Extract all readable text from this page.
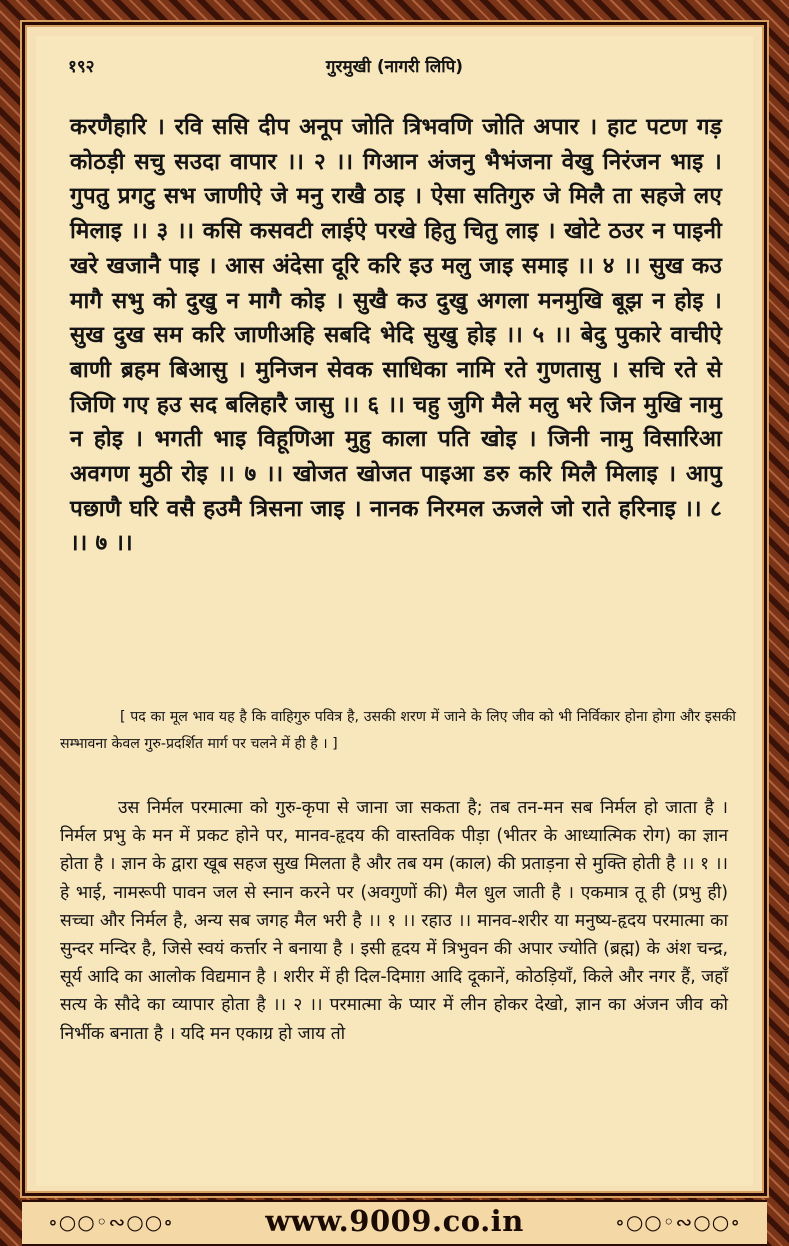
१९२	गुरमुखी (नागरी लिपि)
करणैहारि । रवि ससि दीप अनूप जोति त्रिभवणि जोति अपार । हाट पटण गड़ कोठड़ी सचु सउदा वापार ।। २ ।। गिआन अंजनु भैभंजना वेखु निरंजन भाइ । गुपतु प्रगटु सभ जाणीऐ जे मनु राखै ठाइ । ऐसा सतिगुरु जे मिलै ता सहजे लए मिलाइ ।। ३ ।। कसि कसवटी लाईऐ परखे हितु चितु लाइ । खोटे ठउर न पाइनी खरे खजानै पाइ । आस अंदेसा दूरि करि इउ मलु जाइ समाइ ।। ४ ।। सुख कउ मागै सभु को दुखु न मागै कोइ । सुखै कउ दुखु अगला मनमुखि बूझ न होइ । सुख दुख सम करि जाणीअहि सबदि भेदि सुखु होइ ।। ५ ।। बेदु पुकारे वाचीऐ बाणी ब्रहम बिआसु । मुनिजन सेवक साधिका नामि रते गुणतासु । सचि रते से जिणि गए हउ सद बलिहारै जासु ।। ६ ।। चहु जुगि मैले मलु भरे जिन मुखि नामु न होइ । भगती भाइ विहूणिआ मुहु काला पति खोइ । जिनी नामु विसारिआ अवगण मुठी रोइ ।। ७ ।। खोजत खोजत पाइआ डरु करि मिलै मिलाइ । आपु पछाणै घरि वसै हउमै त्रिसना जाइ । नानक निरमल ऊजले जो राते हरिनाइ ।। ८ ।। ७ ।।
[ पद का मूल भाव यह है कि वाहिगुरु पवित्र है, उसकी शरण में जाने के लिए जीव को भी निर्विकार होना होगा और इसकी सम्भावना केवल गुरु-प्रदर्शित मार्ग पर चलने में ही है । ]
उस निर्मल परमात्मा को गुरु-कृपा से जाना जा सकता है; तब तन-मन सब निर्मल हो जाता है । निर्मल प्रभु के मन में प्रकट होने पर, मानव-हृदय की वास्तविक पीड़ा (भीतर के आध्यात्मिक रोग) का ज्ञान होता है । ज्ञान के द्वारा खूब सहज सुख मिलता है और तब यम (काल) की प्रताड़ना से मुक्ति होती है ।। १ ।। हे भाई, नामरूपी पावन जल से स्नान करने पर (अवगुणों की) मैल धुल जाती है । एकमात्र तू ही (प्रभु ही) सच्चा और निर्मल है, अन्य सब जगह मैल भरी है ।। १ ।। रहाउ ।। मानव-शरीर या मनुष्य-हृदय परमात्मा का सुन्दर मन्दिर है, जिसे स्वयं कर्त्तार ने बनाया है । इसी हृदय में त्रिभुवन की अपार ज्योति (ब्रह्म) के अंश चन्द्र, सूर्य आदि का आलोक विद्यमान है । शरीर में ही दिल-दिमाग़ आदि दूकानें, कोठड़ियाँ, किले और नगर हैं, जहाँ सत्य के सौदे का व्यापार होता है ।। २ ।। परमात्मा के प्यार में लीन होकर देखो, ज्ञान का अंजन जीव को निर्भीक बनाता है । यदि मन एकाग्र हो जाय तो
∘○○◦∾○○∘	∘○○◦∾○○∘
www.9009.co.in
